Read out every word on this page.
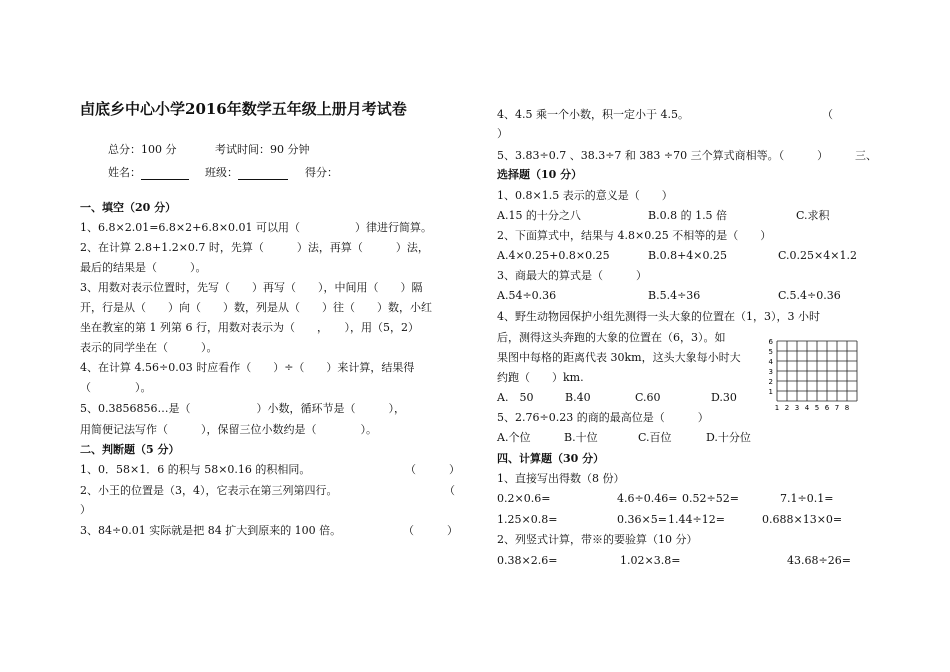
卣底乡中心小学2016年数学五年级上册月考试卷
总分：100 分	考试时间：90 分钟
姓名：	班级：	得分：
一、填空（20 分）
1、6.8×2.01=6.8×2+6.8×0.01 可以用（　　　　　）律进行简算。
2、在计算 2.8+1.2×0.7 时，先算（　　　）法，再算（　　　）法，
最后的结果是（　　　）。
3、用数对表示位置时，先写（　　）再写（　　），中间用（　　）隔
开，行是从（　　）向（　　）数，列是从（　　）往（　　）数，小红
坐在教室的第 1 列第 6 行，用数对表示为（　　，　　），用（5，2）
表示的同学坐在（　　　）。
4、在计算 4.56÷0.03 时应看作（　　）÷（　　）来计算，结果得
（　　　　）。
5、0.3856856…是（　　　　　　）小数，循环节是（　　　），
用简便记法写作（　　　），保留三位小数约是（　　　　）。
二、判断题（5 分）
1、0．58×1．6 的积与 58×0.16 的积相同。	（　　　）
2、小王的位置是（3，4），它表示在第三列第四行。	（
）
3、84÷0.01 实际就是把 84 扩大到原来的 100 倍。	（　　　）
4、4.5 乘一个小数，积一定小于 4.5。	（
）
5、3.83÷0.7 、38.3÷7 和 383 ÷70 三个算式商相等。（　　　） 三、
选择题（10 分）
1、0.8×1.5 表示的意义是（　　）
A.15 的十分之八	B.0.8 的 1.5 倍	C.求积
2、下面算式中，结果与 4.8×0.25 不相等的是（　　）
A.4×0.25+0.8×0.25	B.0.8+4×0.25	C.0.25×4×1.2
3、商最大的算式是（　　　）
A.54÷0.36	B.5.4÷36	C.5.4÷0.36
4、野生动物园保护小组先测得一头大象的位置在（1，3），3 小时
后，测得这头奔跑的大象的位置在（6，3）。如
果图中每格的距离代表 30km，这头大象每小时大
约跑（　　）km.
A.　50	B.40	C.60	D.30
5、2.76÷0.23 的商的最高位是（　　　）
A.个位	B.十位	C.百位	D.十分位
四、计算题（30 分）
1、直接写出得数（8 份）
0.2×0.6=	4.6÷0.46= 0.52÷52=	7.1÷0.1=
1.25×0.8=	0.36×5= 1.44÷12=	0.688×13×0=
2、列竖式计算，带※的要验算（10 分）
0.38×2.6=	1.02×3.8=	43.68÷26=
1
2
3
4
5
6
1 2 3 4 5 6 7 8
